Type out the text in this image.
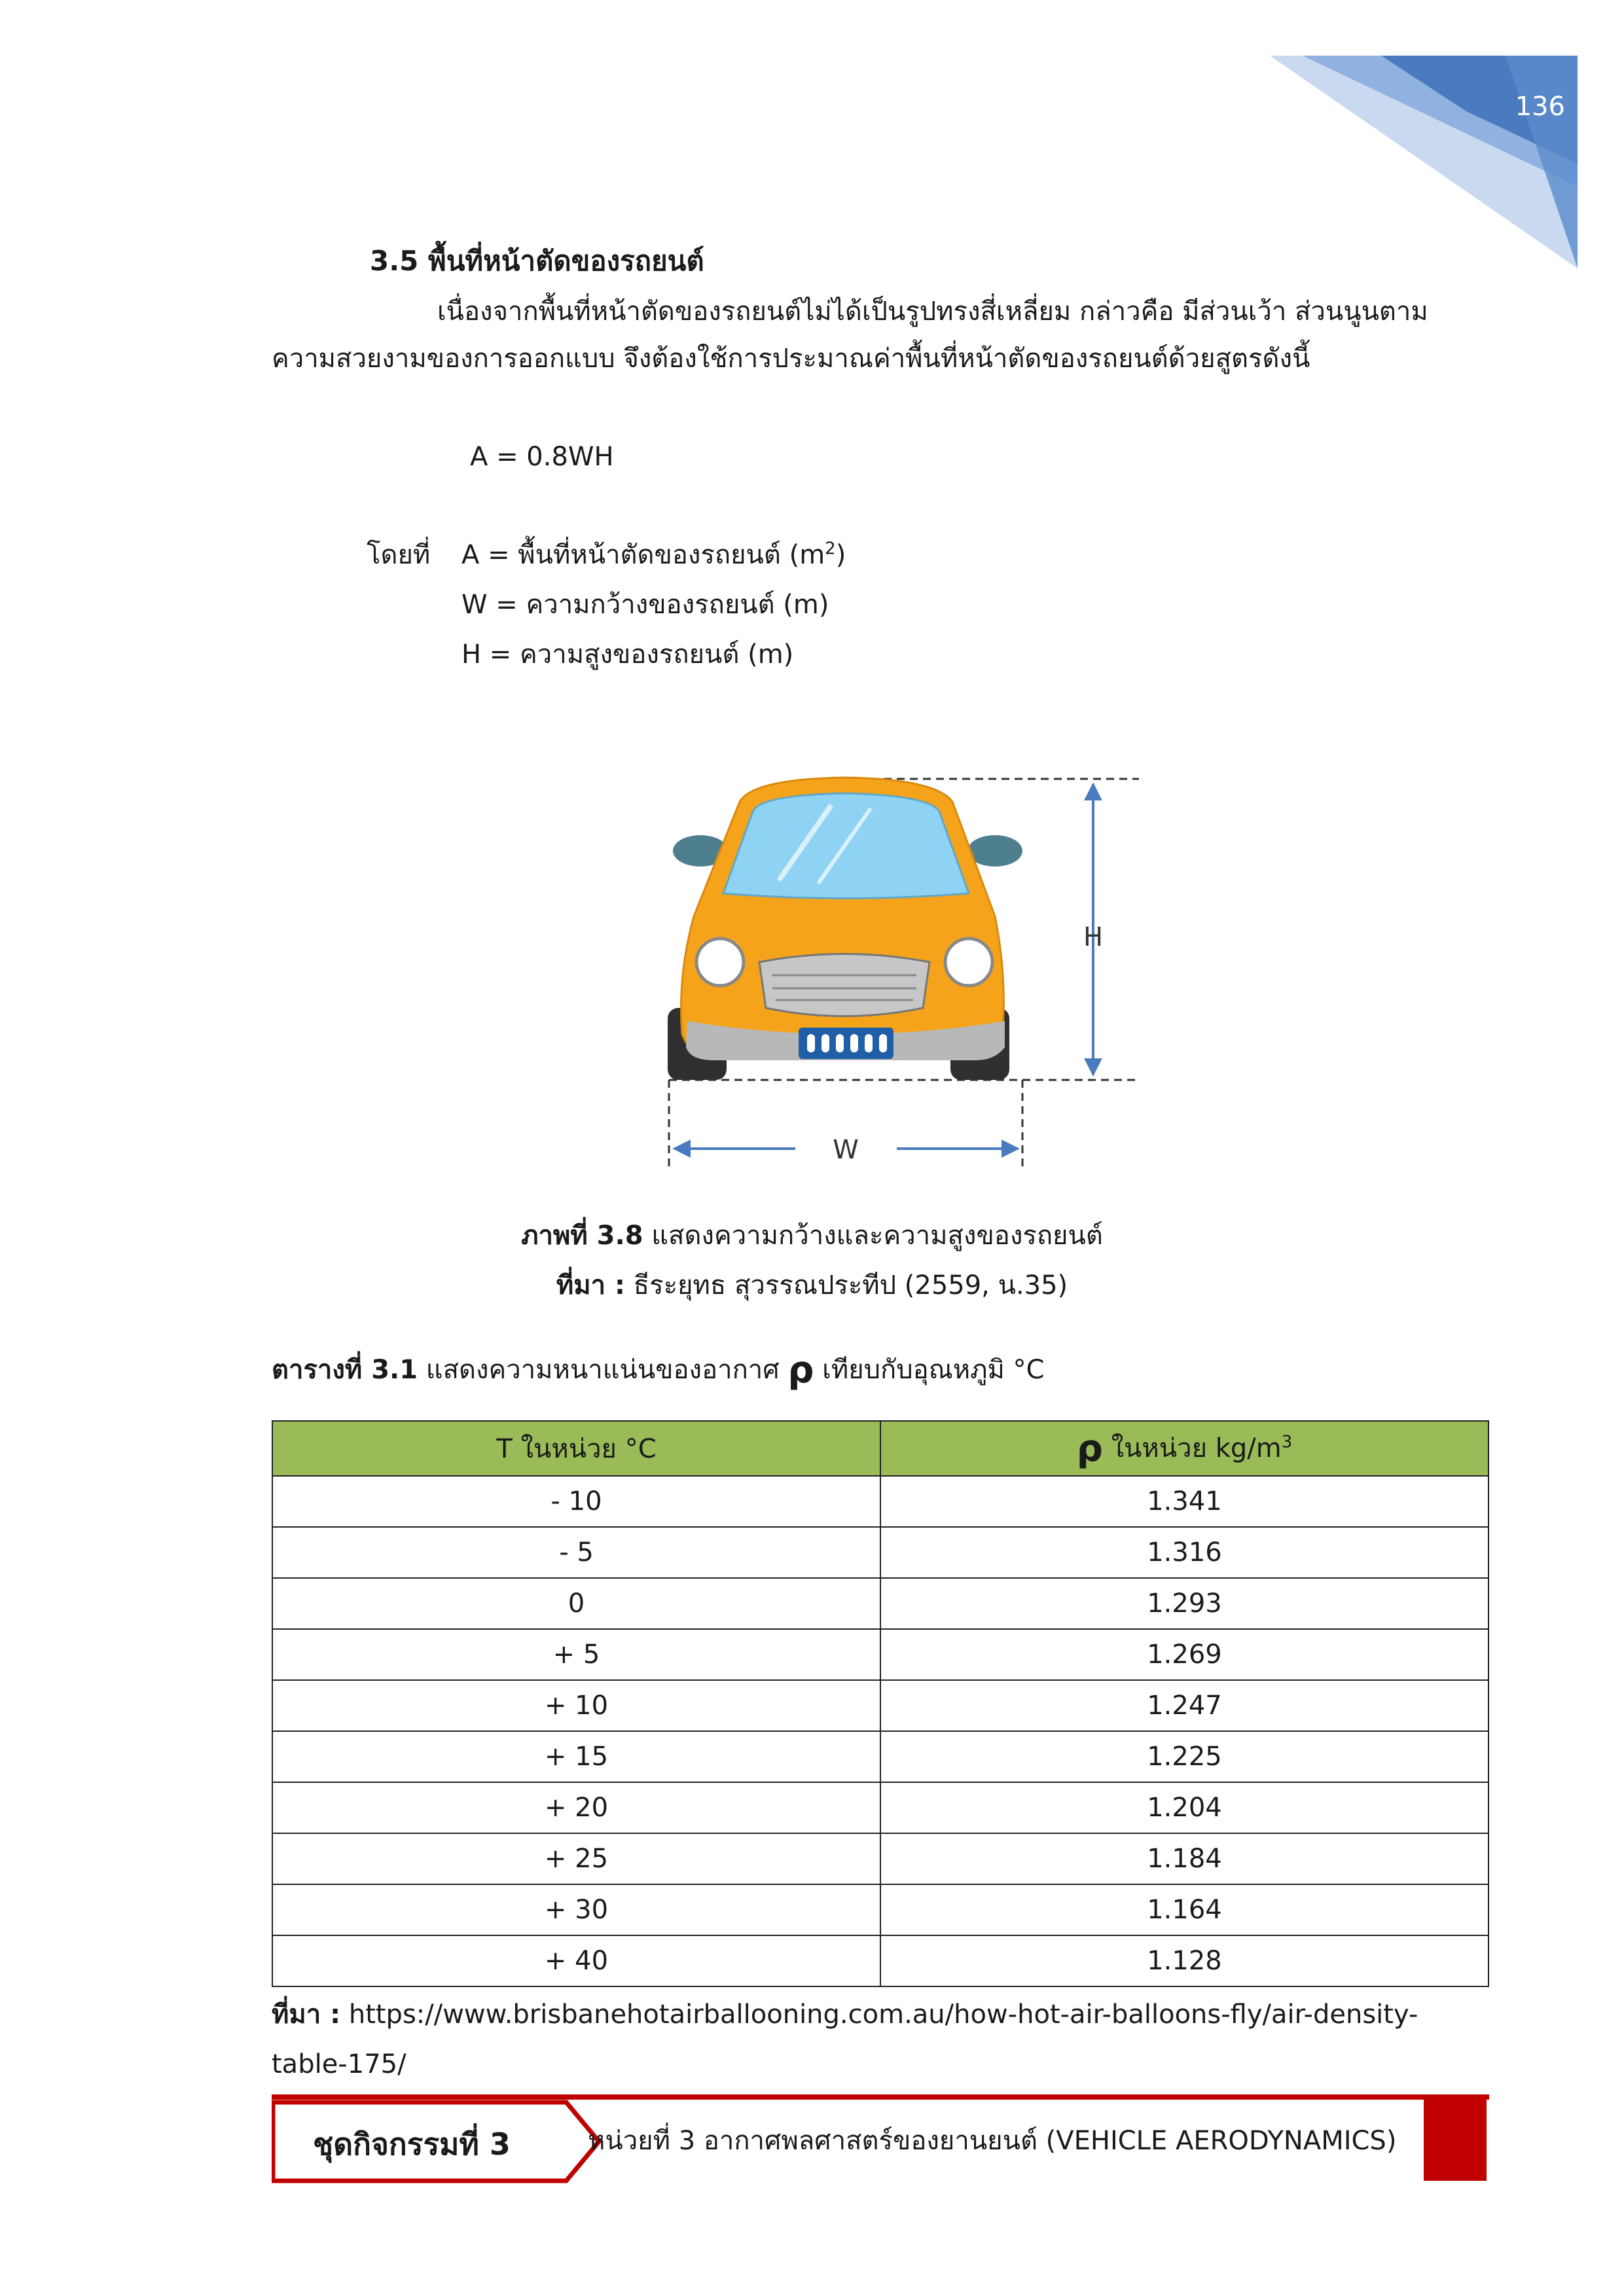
136
3.5 พื้นที่หน้าตัดของรถยนต์
เนื่องจากพื้นที่หน้าตัดของรถยนต์ไม่ได้เป็นรูปทรงสี่เหลี่ยม กล่าวคือ มีส่วนเว้า ส่วนนูนตาม
ความสวยงามของการออกแบบ จึงต้องใช้การประมาณค่าพื้นที่หน้าตัดของรถยนต์ด้วยสูตรดังนี้
A = 0.8WH
โดยที่ A = พื้นที่หน้าตัดของรถยนต์ $(m^2)$
W = ความกว้างของรถยนต์ (m)
H = ความสูงของรถยนต์ (m)
H
W
ภาพที่ 3.8 แสดงความกว้างและความสูงของรถยนต์
ที่มา : ธีระยุทธ สุวรรณประทีป (2559, น.35)
ตารางที่ 3.1 แสดงความหนาแน่นของอากาศ ρ เทียบกับอุณหภูมิ °C
T ในหน่วย °C	ρ ในหน่วย $kg/m^3$
- 10	1.341
- 5	1.316
0	1.293
+ 5	1.269
+ 10	1.247
+ 15	1.225
+ 20	1.204
+ 25	1.184
+ 30	1.164
+ 40	1.128
ที่มา : https://www.brisbanehotairballooning.com.au/how-hot-air-balloons-fly/air-density-
table-175/
ชุดกิจกรรมที่ 3	หน่วยที่ 3 อากาศพลศาสตร์ของยานยนต์ (VEHICLE AERODYNAMICS)
